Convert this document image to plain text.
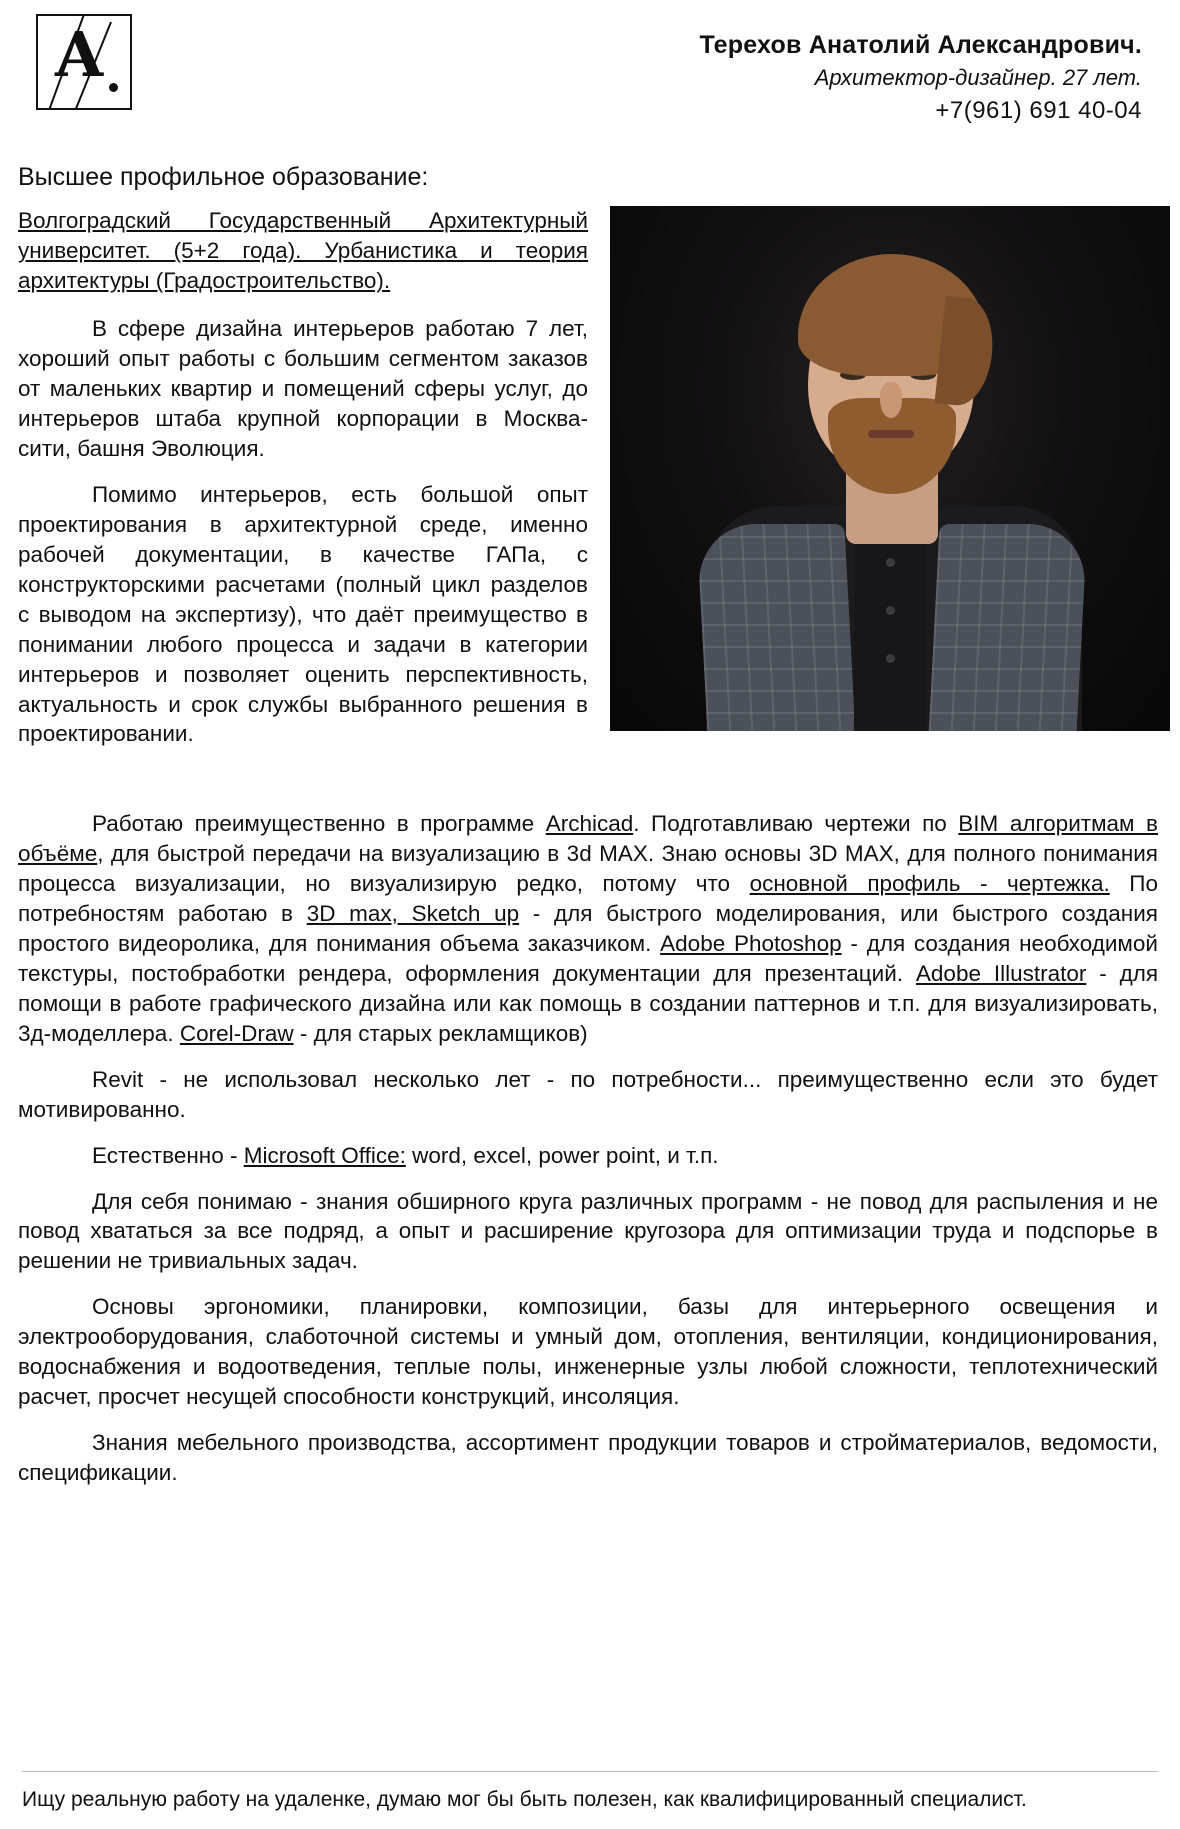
A	Терехов Анатолий Александрович.
Архитектор-дизайнер. 27 лет.
+7(961) 691 40-04
Высшее профильное образование:
Волгоградский Государственный Архитектурный университет. (5+2 года). Урбанистика и теория архитектуры (Градостроительство).

В сфере дизайна интерьеров работаю 7 лет, хороший опыт работы с большим сегментом заказов от маленьких квартир и помещений сферы услуг, до интерьеров штаба крупной корпорации в Москва-сити, башня Эволюция.

Помимо интерьеров, есть большой опыт проектирования в архитектурной среде, именно рабочей документации, в качестве ГАПа, с конструкторскими расчетами (полный цикл разделов с выводом на экспертизу), что даёт преимущество в понимании любого процесса и задачи в категории интерьеров и позволяет оценить перспективность, актуальность и срок службы выбранного решения в проектировании.

Работаю преимущественно в программе Archicad. Подготавливаю чертежи по BIM алгоритмам в объёме, для быстрой передачи на визуализацию в 3d MAX. Знаю основы 3D MAX, для полного понимания процесса визуализации, но визуализирую редко, потому что основной профиль - чертежка. По потребностям работаю в 3D max, Sketch up - для быстрого моделирования, или быстрого создания простого видеоролика, для понимания объема заказчиком. Adobe Photoshop - для создания необходимой текстуры, постобработки рендера, оформления документации для презентаций. Adobe Illustrator - для помощи в работе графического дизайна или как помощь в создании паттернов и т.п. для визуализировать, 3д-моделлера. Corel-Draw - для старых рекламщиков)

Revit - не использовал несколько лет - по потребности... преимущественно если это будет мотивированно.

Естественно - Microsoft Office: word, excel, power point, и т.п.

Для себя понимаю - знания обширного круга различных программ - не повод для распыления и не повод хвататься за все подряд, а опыт и расширение кругозора для оптимизации труда и подспорье в решении не тривиальных задач.

Основы эргономики, планировки, композиции, базы для интерьерного освещения и электрооборудования, слаботочной системы и умный дом, отопления, вентиляции, кондиционирования, водоснабжения и водоотведения, теплые полы, инженерные узлы любой сложности, теплотехнический расчет, просчет несущей способности конструкций, инсоляция.

Знания мебельного производства, ассортимент продукции товаров и стройматериалов, ведомости, спецификации.

Ищу реальную работу на удаленке, думаю мог бы быть полезен, как квалифицированный специалист.
